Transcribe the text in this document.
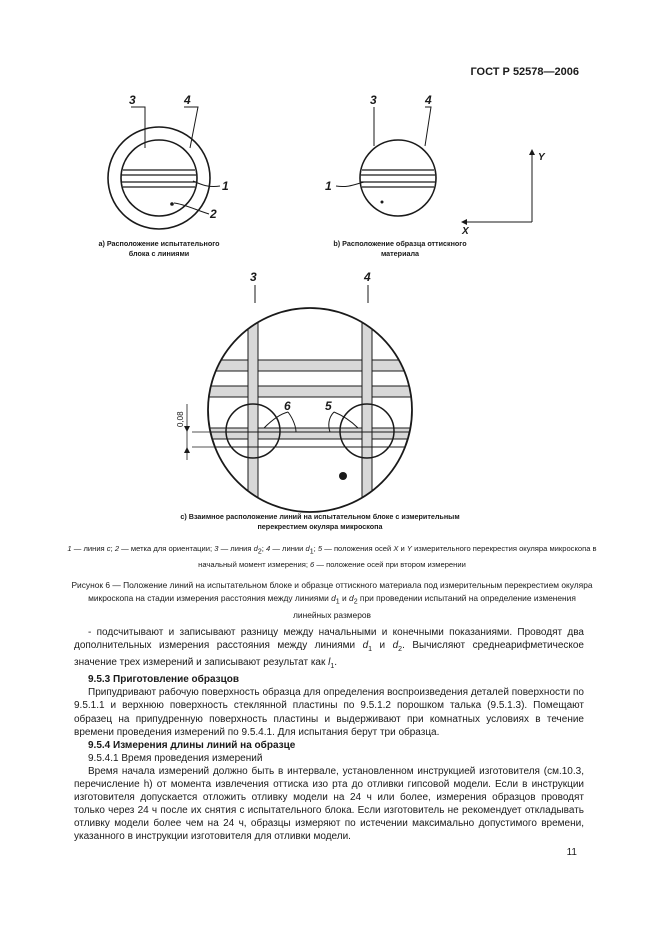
ГОСТ Р 52578—2006
3	4
1
2
3	4
1
Y
X
0,08
3	4
6	5
a) Расположение испытательного
блока с линиями
b) Расположение образца оттискного
материала
c) Взаимное расположение линий на испытательном блоке с измерительным
перекрестием окуляра микроскопа
1 — линия c; 2 — метка для ориентации; 3 — линия $d_2$; 4 — линии $d_1$; 5 — положения осей X и Y измерительного перекрестия окуляра микроскопа в начальный момент измерения; 6 — положение осей при втором измерении
Рисунок 6 — Положение линий на испытательном блоке и образце оттискного материала под измерительным перекрестием окуляра микроскопа на стадии измерения расстояния между линиями $d_1$ и $d_2$ при проведении испытаний на определение изменения линейных размеров

- подсчитывают и записывают разницу между начальными и конечными показаниями. Проводят два дополнительных измерения расстояния между линиями $d_1$ и $d_2$. Вычисляют среднеарифметическое значение трех измерений и записывают результат как $l_1$.

9.5.3 Приготовление образцов

Припудривают рабочую поверхность образца для определения воспроизведения деталей поверхности по 9.5.1.1 и верхнюю поверхность стеклянной пластины по 9.5.1.2 порошком талька (9.5.1.3). Помещают образец на припудренную поверхность пластины и выдерживают при комнатных условиях в течение времени проведения измерений по 9.5.4.1. Для испытания берут три образца.

9.5.4 Измерения длины линий на образце

9.5.4.1 Время проведения измерений

Время начала измерений должно быть в интервале, установленном инструкцией изготовителя (см.10.3, перечисление h) от момента извлечения оттиска изо рта до отливки гипсовой модели. Если в инструкции изготовителя допускается отложить отливку модели на 24 ч или более, измерения образцов проводят только через 24 ч после их снятия с испытательного блока. Если изготовитель не рекомендует откладывать отливку модели более чем на 24 ч, образцы измеряют по истечении максимально допустимого времени, указанного в инструкции изготовителя для отливки модели.

11
